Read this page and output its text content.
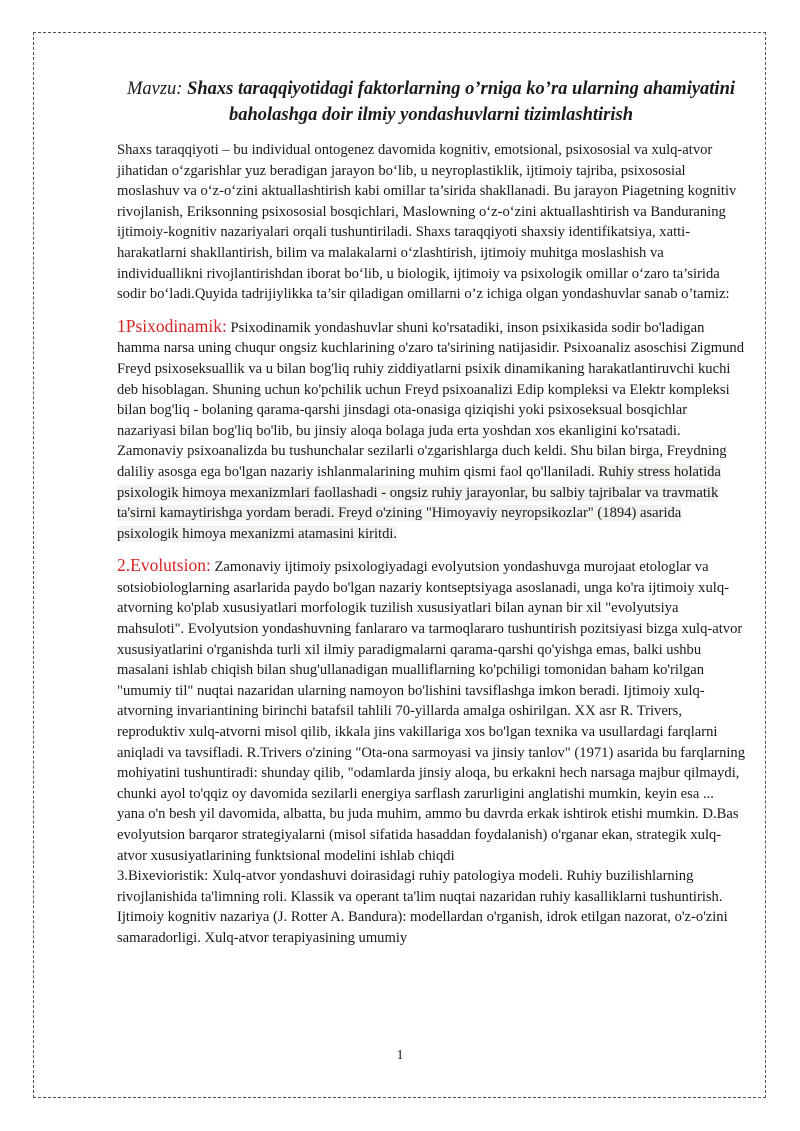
Mavzu: Shaxs taraqqiyotidagi faktorlarning o’rniga ko’ra ularning ahamiyatini baholashga doir ilmiy yondashuvlarni tizimlashtirish

Shaxs taraqqiyoti – bu individual ontogenez davomida kognitiv, emotsional, psixososial va xulq-atvor jihatidan o‘zgarishlar yuz beradigan jarayon bo‘lib, u neyroplastiklik, ijtimoiy tajriba, psixososial moslashuv va o‘z-o‘zini aktuallashtirish kabi omillar ta’sirida shakllanadi. Bu jarayon Piagetning kognitiv rivojlanish, Eriksonning psixososial bosqichlari, Maslowning o‘z-o‘zini aktuallashtirish va Banduraning ijtimoiy-kognitiv nazariyalari orqali tushuntiriladi. Shaxs taraqqiyoti shaxsiy identifikatsiya, xatti-harakatlarni shakllantirish, bilim va malakalarni o‘zlashtirish, ijtimoiy muhitga moslashish va individuallikni rivojlantirishdan iborat bo‘lib, u biologik, ijtimoiy va psixologik omillar o‘zaro ta’sirida sodir bo‘ladi.Quyida tadrijiylikka ta’sir qiladigan omillarni o’z ichiga olgan yondashuvlar sanab o’tamiz:

1Psixodinamik: Psixodinamik yondashuvlar shuni ko'rsatadiki, inson psixikasida sodir bo'ladigan hamma narsa uning chuqur ongsiz kuchlarining o'zaro ta'sirining natijasidir. Psixoanaliz asoschisi Zigmund Freyd psixoseksuallik va u bilan bog'liq ruhiy ziddiyatlarni psixik dinamikaning harakatlantiruvchi kuchi deb hisoblagan. Shuning uchun ko'pchilik uchun Freyd psixoanalizi Edip kompleksi va Elektr kompleksi bilan bog'liq - bolaning qarama-qarshi jinsdagi ota-onasiga qiziqishi yoki psixoseksual bosqichlar nazariyasi bilan bog'liq bo'lib, bu jinsiy aloqa bolaga juda erta yoshdan xos ekanligini ko'rsatadi. Zamonaviy psixoanalizda bu tushunchalar sezilarli o'zgarishlarga duch keldi. Shu bilan birga, Freydning daliliy asosga ega bo'lgan nazariy ishlanmalarining muhim qismi faol qo'llaniladi. Ruhiy stress holatida psixologik himoya mexanizmlari faollashadi - ongsiz ruhiy jarayonlar, bu salbiy tajribalar va travmatik ta'sirni kamaytirishga yordam beradi. Freyd o'zining "Himoyaviy neyropsikozlar" (1894) asarida psixologik himoya mexanizmi atamasini kiritdi.

2.Evolutsion: Zamonaviy ijtimoiy psixologiyadagi evolyutsion yondashuvga murojaat etologlar va sotsiobiologlarning asarlarida paydo bo'lgan nazariy kontseptsiyaga asoslanadi, unga ko'ra ijtimoiy xulq-atvorning ko'plab xususiyatlari morfologik tuzilish xususiyatlari bilan aynan bir xil "evolyutsiya mahsuloti". Evolyutsion yondashuvning fanlararo va tarmoqlararo tushuntirish pozitsiyasi bizga xulq-atvor xususiyatlarini o'rganishda turli xil ilmiy paradigmalarni qarama-qarshi qo'yishga emas, balki ushbu masalani ishlab chiqish bilan shug'ullanadigan mualliflarning ko'pchiligi tomonidan baham ko'rilgan "umumiy til" nuqtai nazaridan ularning namoyon bo'lishini tavsiflashga imkon beradi. Ijtimoiy xulq-atvorning invariantining birinchi batafsil tahlili 70-yillarda amalga oshirilgan. XX asr R. Trivers, reproduktiv xulq-atvorni misol qilib, ikkala jins vakillariga xos bo'lgan texnika va usullardagi farqlarni aniqladi va tavsifladi. R.Trivers o'zining "Ota-ona sarmoyasi va jinsiy tanlov" (1971) asarida bu farqlarning mohiyatini tushuntiradi: shunday qilib, "odamlarda jinsiy aloqa, bu erkakni hech narsaga majbur qilmaydi, chunki ayol to'qqiz oy davomida sezilarli energiya sarflash zarurligini anglatishi mumkin, keyin esa ... yana o'n besh yil davomida, albatta, bu juda muhim, ammo bu davrda erkak ishtirok etishi mumkin. D.Bas evolyutsion barqaror strategiyalarni (misol sifatida hasaddan foydalanish) o'rganar ekan, strategik xulq-atvor xususiyatlarining funktsional modelini ishlab chiqdi

3.Bixevioristik: Xulq-atvor yondashuvi doirasidagi ruhiy patologiya modeli. Ruhiy buzilishlarning rivojlanishida ta'limning roli. Klassik va operant ta'lim nuqtai nazaridan ruhiy kasalliklarni tushuntirish. Ijtimoiy kognitiv nazariya (J. Rotter A. Bandura): modellardan o'rganish, idrok etilgan nazorat, o'z-o'zini samaradorligi. Xulq-atvor terapiyasining umumiy

1
